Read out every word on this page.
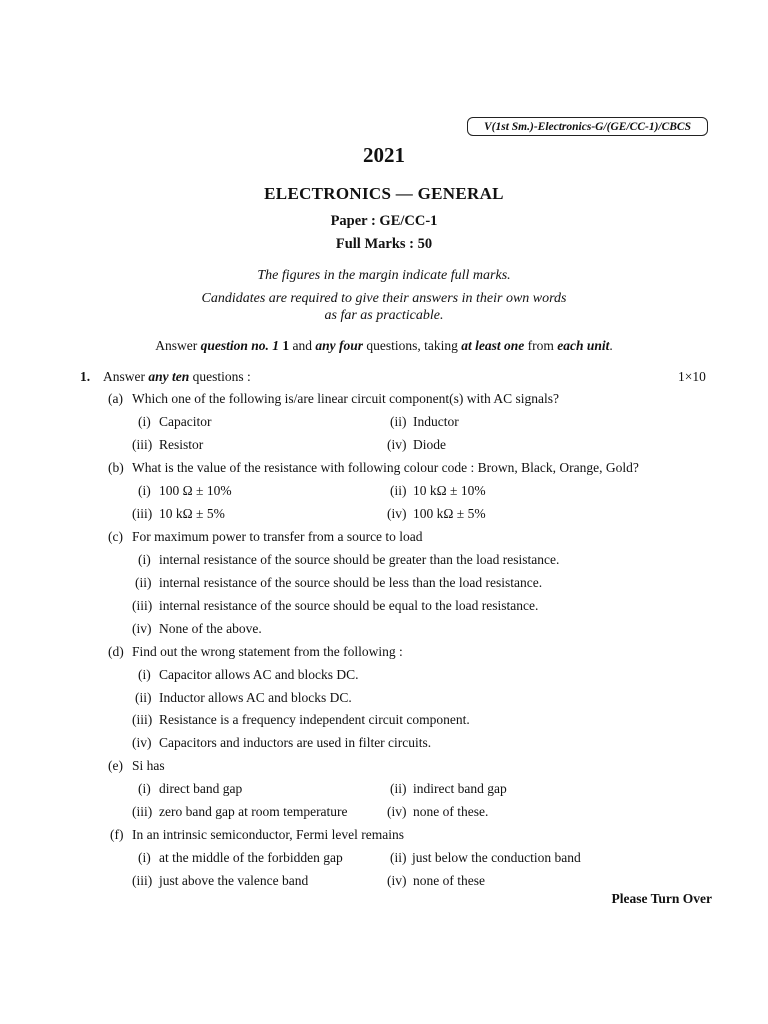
V(1st Sm.)-Electronics-G/(GE/CC-1)/CBCS
2021
ELECTRONICS — GENERAL
Paper : GE/CC-1
Full Marks : 50
The figures in the margin indicate full marks.
Candidates are required to give their answers in their own words
as far as practicable.
Answer question no. 1 1 and any four questions, taking at least one from each unit.
1. Answer any ten questions :	1×10
(a) Which one of the following is/are linear circuit component(s) with AC signals?
(i) Capacitor	(ii) Inductor
(iii) Resistor	(iv) Diode
(b) What is the value of the resistance with following colour code : Brown, Black, Orange, Gold?
(i) 100 Ω ± 10%	(ii) 10 kΩ ± 10%
(iii) 10 kΩ ± 5%	(iv) 100 kΩ ± 5%
(c) For maximum power to transfer from a source to load
(i) internal resistance of the source should be greater than the load resistance.
(ii) internal resistance of the source should be less than the load resistance.
(iii) internal resistance of the source should be equal to the load resistance.
(iv) None of the above.
(d) Find out the wrong statement from the following :
(i) Capacitor allows AC and blocks DC.
(ii) Inductor allows AC and blocks DC.
(iii) Resistance is a frequency independent circuit component.
(iv) Capacitors and inductors are used in filter circuits.
(e) Si has
(i) direct band gap	(ii) indirect band gap
(iii) zero band gap at room temperature	(iv) none of these.
(f) In an intrinsic semiconductor, Fermi level remains
(i) at the middle of the forbidden gap	(ii) just below the conduction band
(iii) just above the valence band	(iv) none of these
Please Turn Over
